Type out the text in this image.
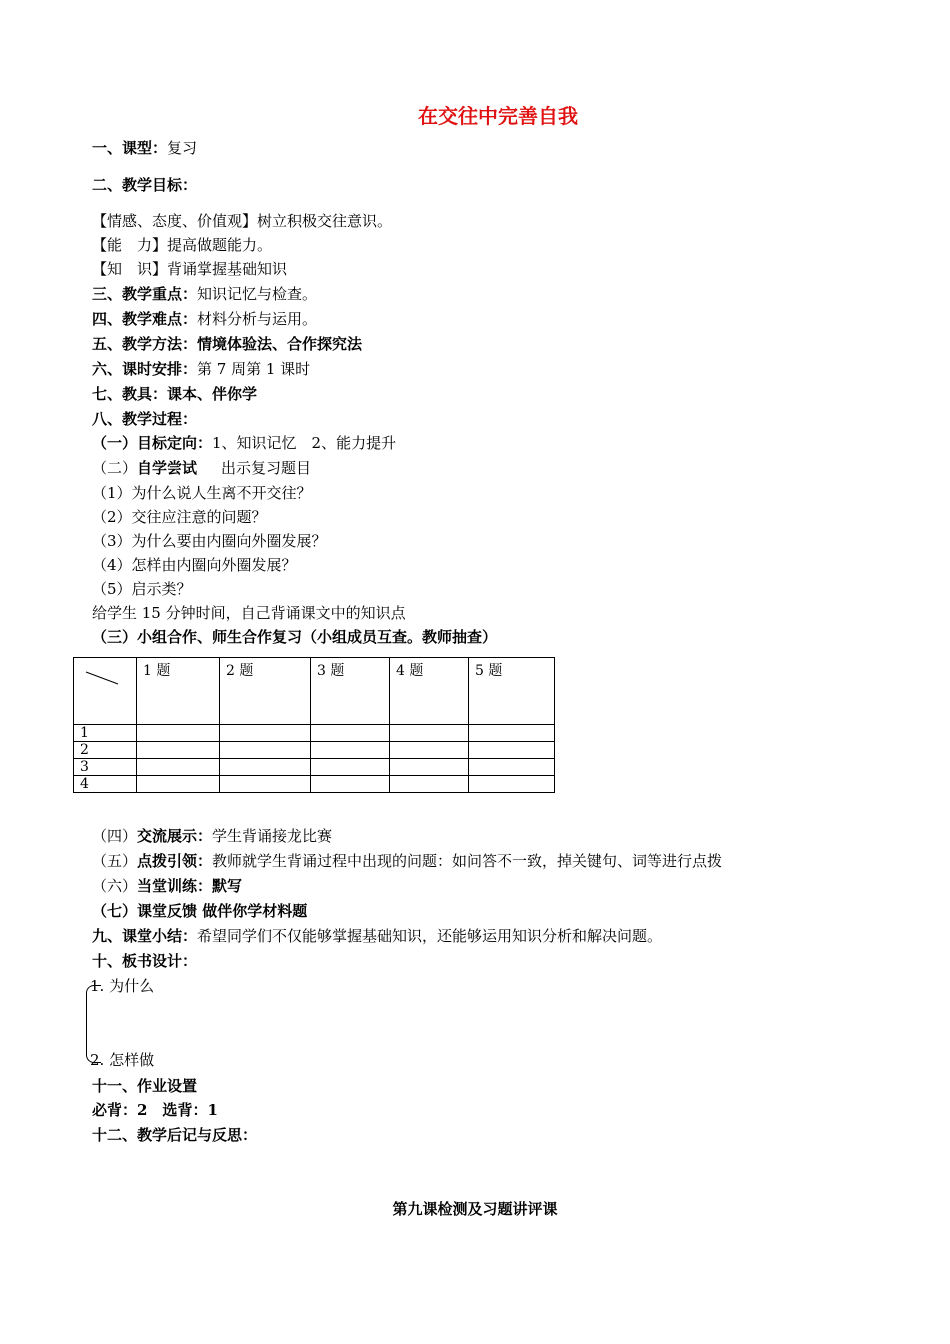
在交往中完善自我
一、课型：复习
二、教学目标：
【情感、态度、价值观】树立积极交往意识。
【能　力】提高做题能力。
【知　识】背诵掌握基础知识
三、教学重点：知识记忆与检查。
四、教学难点：材料分析与运用。
五、教学方法：情境体验法、合作探究法
六、课时安排：第 7 周第 1 课时
七、教具：课本、伴你学
八、教学过程：
（一）目标定向：1、知识记忆　2、能力提升
（二）自学尝试 出示复习题目
（1）为什么说人生离不开交往？
（2）交往应注意的问题？
（3）为什么要由内圈向外圈发展？
（4）怎样由内圈向外圈发展？
（5）启示类？
给学生 15 分钟时间，自己背诵课文中的知识点
（三）小组合作、师生合作复习（小组成员互查。教师抽查）
	1 题	2 题	3 题	4 题	5 题
1					
2					
3					
4					
（四）交流展示：学生背诵接龙比赛
（五）点拨引领：教师就学生背诵过程中出现的问题：如问答不一致，掉关键句、词等进行点拨
（六）当堂训练：默写
（七）课堂反馈 做伴你学材料题
九、课堂小结：希望同学们不仅能够掌握基础知识，还能够运用知识分析和解决问题。
十、板书设计：
1. 为什么
2. 怎样做
十一、作业设置
必背：2　选背：1
十二、教学后记与反思：
第九课检测及习题讲评课
